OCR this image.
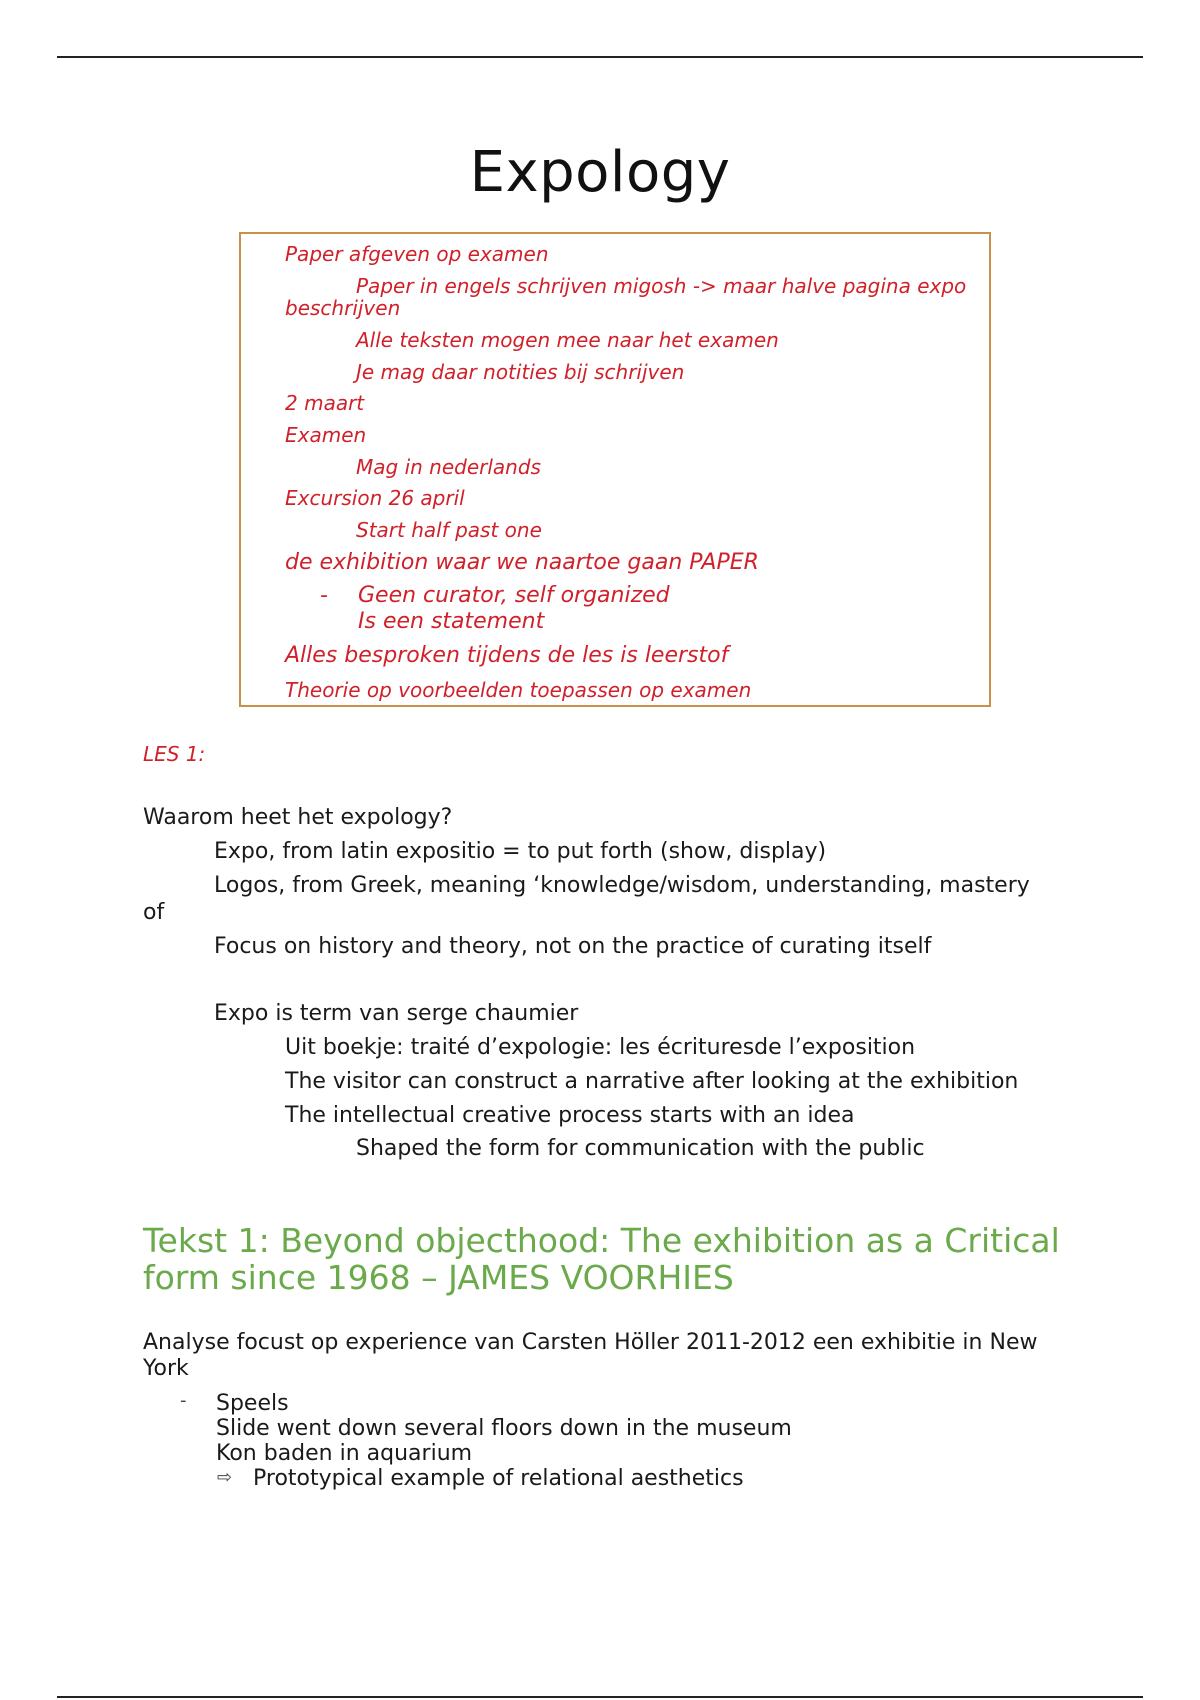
Expology
Paper afgeven op examen
Paper in engels schrijven migosh -> maar halve pagina expo
beschrijven
Alle teksten mogen mee naar het examen
Je mag daar notities bij schrijven
2 maart
Examen
Mag in nederlands
Excursion 26 april
Start half past one
de exhibition waar we naartoe gaan PAPER
- Geen curator, self organized
Is een statement
Alles besproken tijdens de les is leerstof
Theorie op voorbeelden toepassen op examen
LES 1:
Waarom heet het expology?
Expo, from latin expositio = to put forth (show, display)
Logos, from Greek, meaning ‘knowledge/wisdom, understanding, mastery
of
Focus on history and theory, not on the practice of curating itself
Expo is term van serge chaumier
Uit boekje: traité d’expologie: les écrituresde l’exposition
The visitor can construct a narrative after looking at the exhibition
The intellectual creative process starts with an idea
Shaped the form for communication with the public
Tekst 1: Beyond objecthood: The exhibition as a Critical form since 1968 – JAMES VOORHIES
Analyse focust op experience van Carsten Höller 2011-2012 een exhibitie in New York
- Speels
Slide went down several floors down in the museum
Kon baden in aquarium
⇨ Prototypical example of relational aesthetics
